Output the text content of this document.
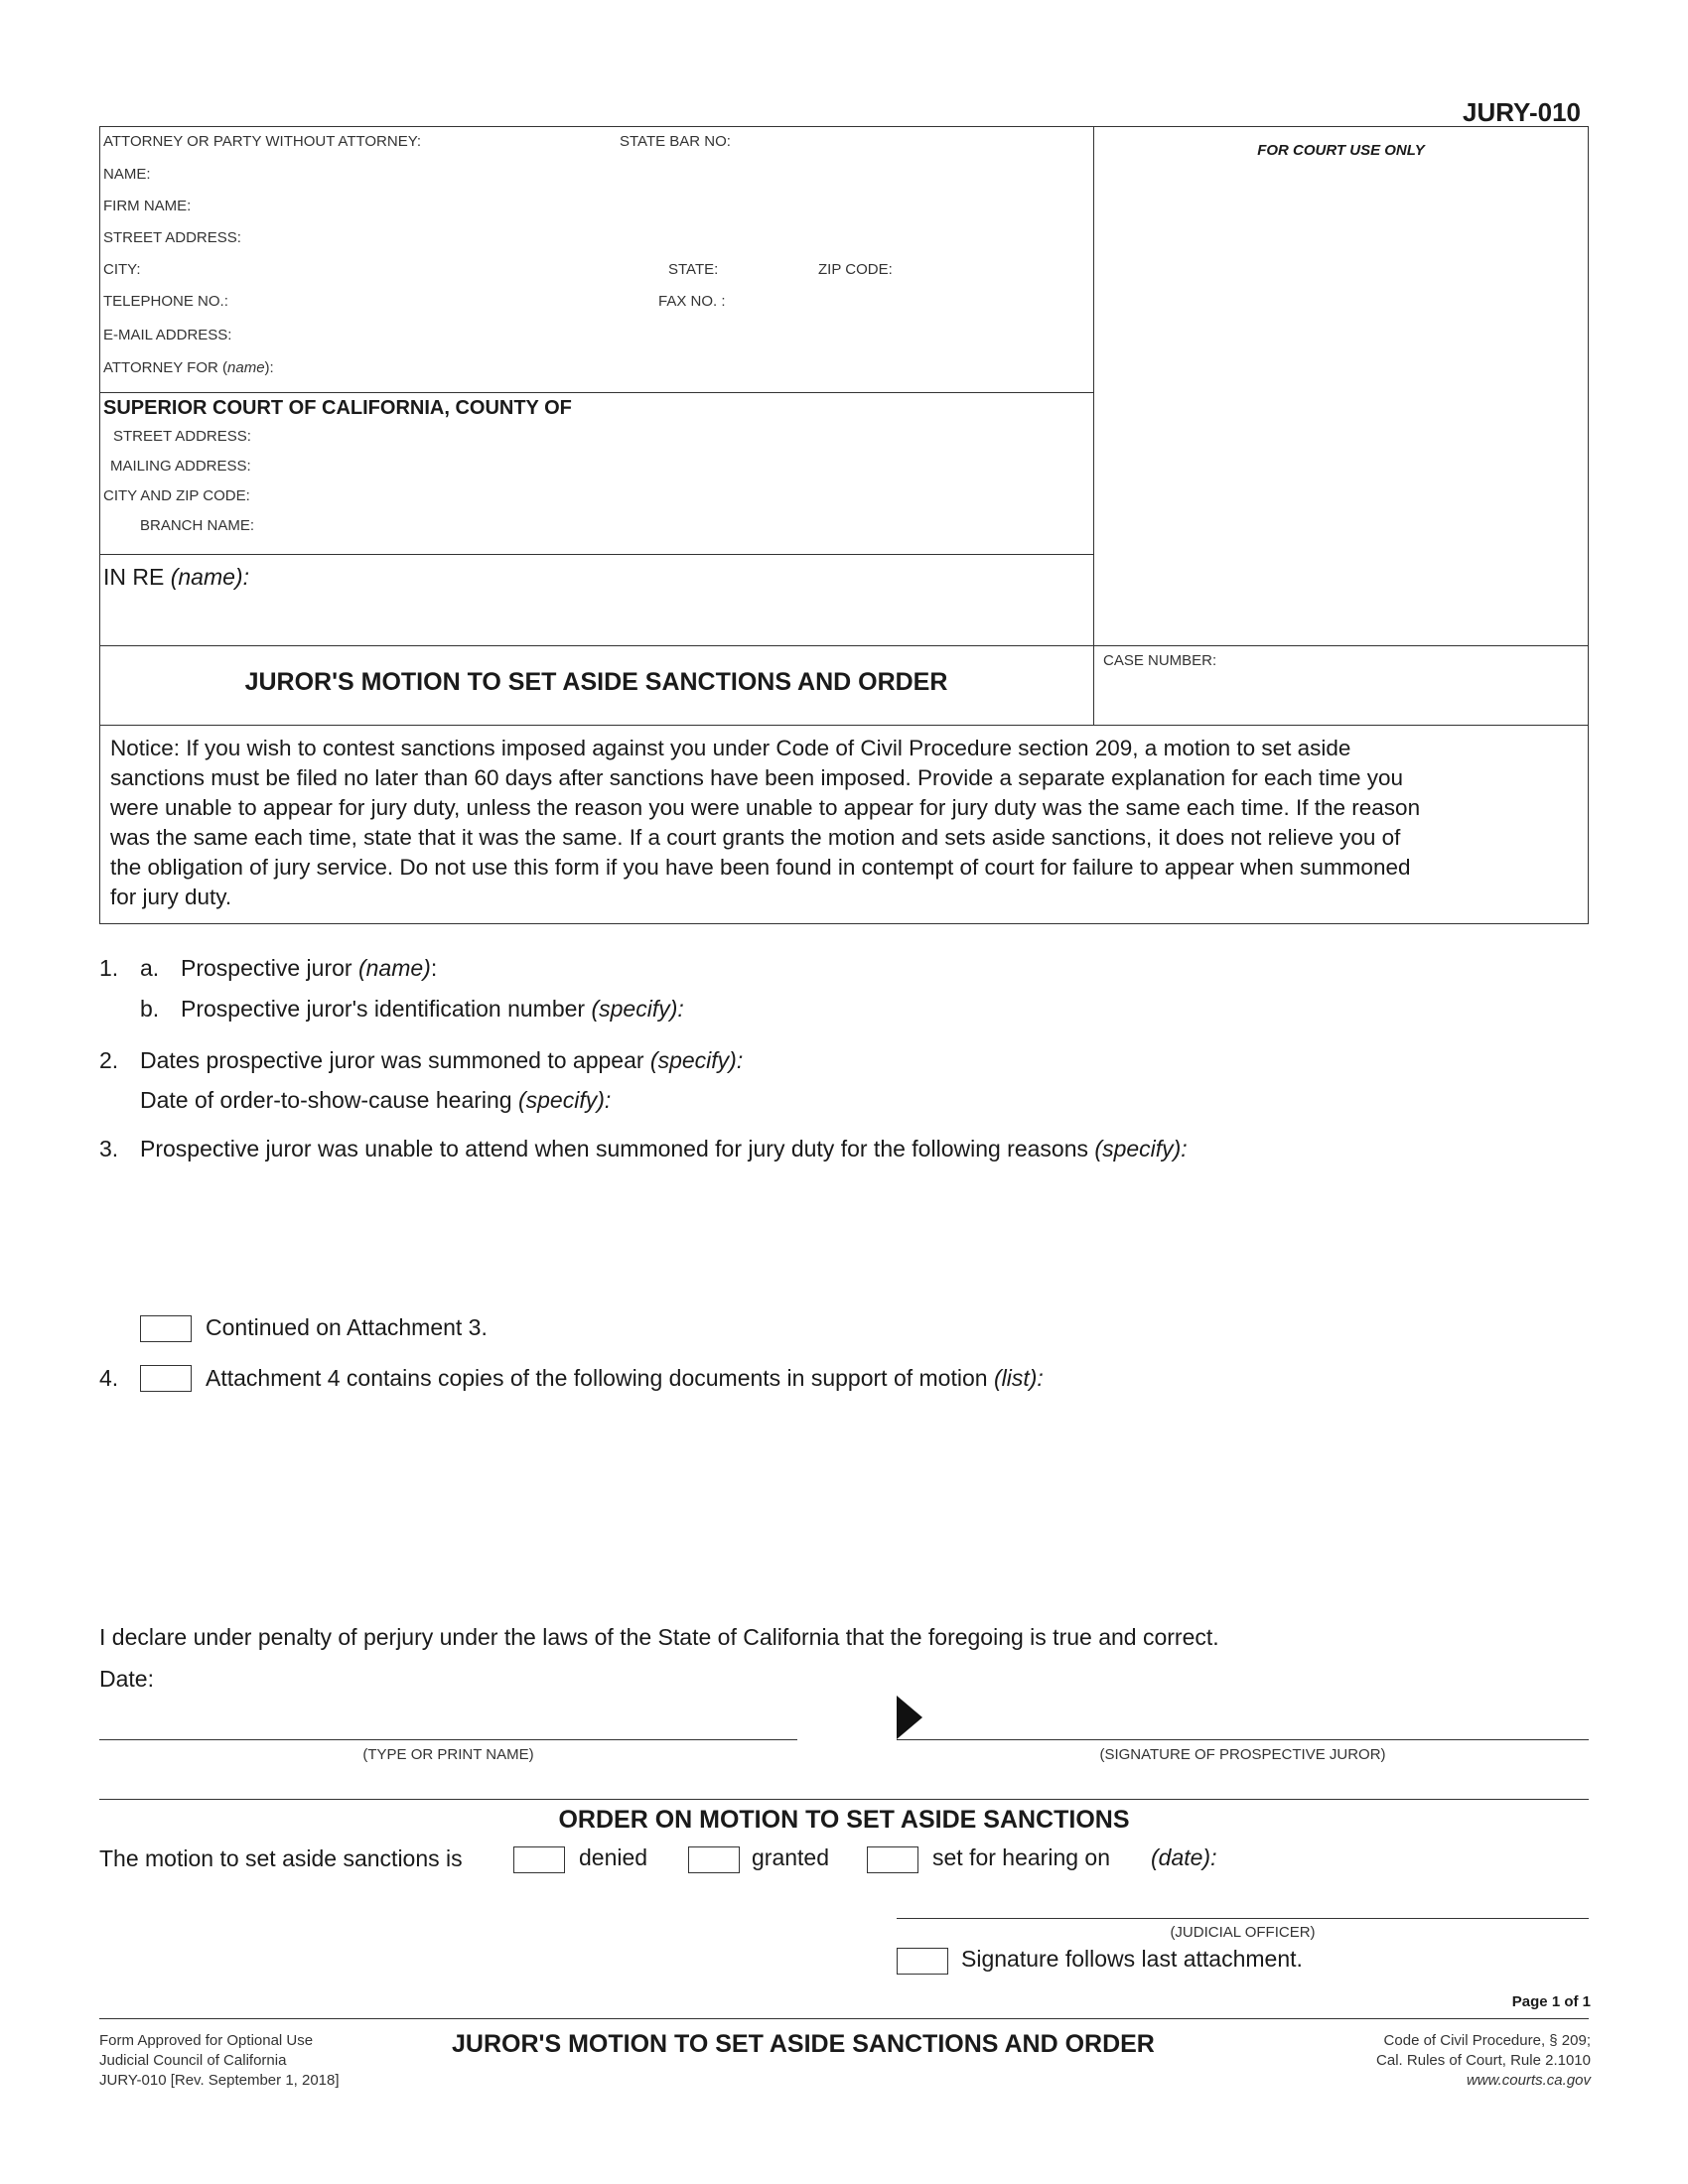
JURY-010
ATTORNEY OR PARTY WITHOUT ATTORNEY:	STATE BAR NO:
NAME:
FIRM NAME:
STREET ADDRESS:
CITY:	STATE:	ZIP CODE:
TELEPHONE NO.:	FAX NO. :
E-MAIL ADDRESS:
ATTORNEY FOR (name):
FOR COURT USE ONLY
SUPERIOR COURT OF CALIFORNIA, COUNTY OF
STREET ADDRESS:
MAILING ADDRESS:
CITY AND ZIP CODE:
BRANCH NAME:
IN RE (name):
JUROR'S MOTION TO SET ASIDE SANCTIONS AND ORDER
CASE NUMBER:
Notice: If you wish to contest sanctions imposed against you under Code of Civil Procedure section 209, a motion to set aside
sanctions must be filed no later than 60 days after sanctions have been imposed. Provide a separate explanation for each time you
were unable to appear for jury duty, unless the reason you were unable to appear for jury duty was the same each time. If the reason
was the same each time, state that it was the same. If a court grants the motion and sets aside sanctions, it does not relieve you of
the obligation of jury service. Do not use this form if you have been found in contempt of court for failure to appear when summoned
for jury duty.
1. a. Prospective juror (name):
b. Prospective juror's identification number (specify):
2. Dates prospective juror was summoned to appear (specify):
Date of order-to-show-cause hearing (specify):
3. Prospective juror was unable to attend when summoned for jury duty for the following reasons (specify):
Continued on Attachment 3.
4.	Attachment 4 contains copies of the following documents in support of motion (list):
I declare under penalty of perjury under the laws of the State of California that the foregoing is true and correct.
Date:
(TYPE OR PRINT NAME)	(SIGNATURE OF PROSPECTIVE JUROR)
ORDER ON MOTION TO SET ASIDE SANCTIONS
The motion to set aside sanctions is	denied	granted	set for hearing on (date):
(JUDICIAL OFFICER)
Signature follows last attachment.
Page 1 of 1
Form Approved for Optional Use
Judicial Council of California
JURY-010 [Rev. September 1, 2018]
JUROR'S MOTION TO SET ASIDE SANCTIONS AND ORDER	Code of Civil Procedure, § 209;
Cal. Rules of Court, Rule 2.1010
www.courts.ca.gov
